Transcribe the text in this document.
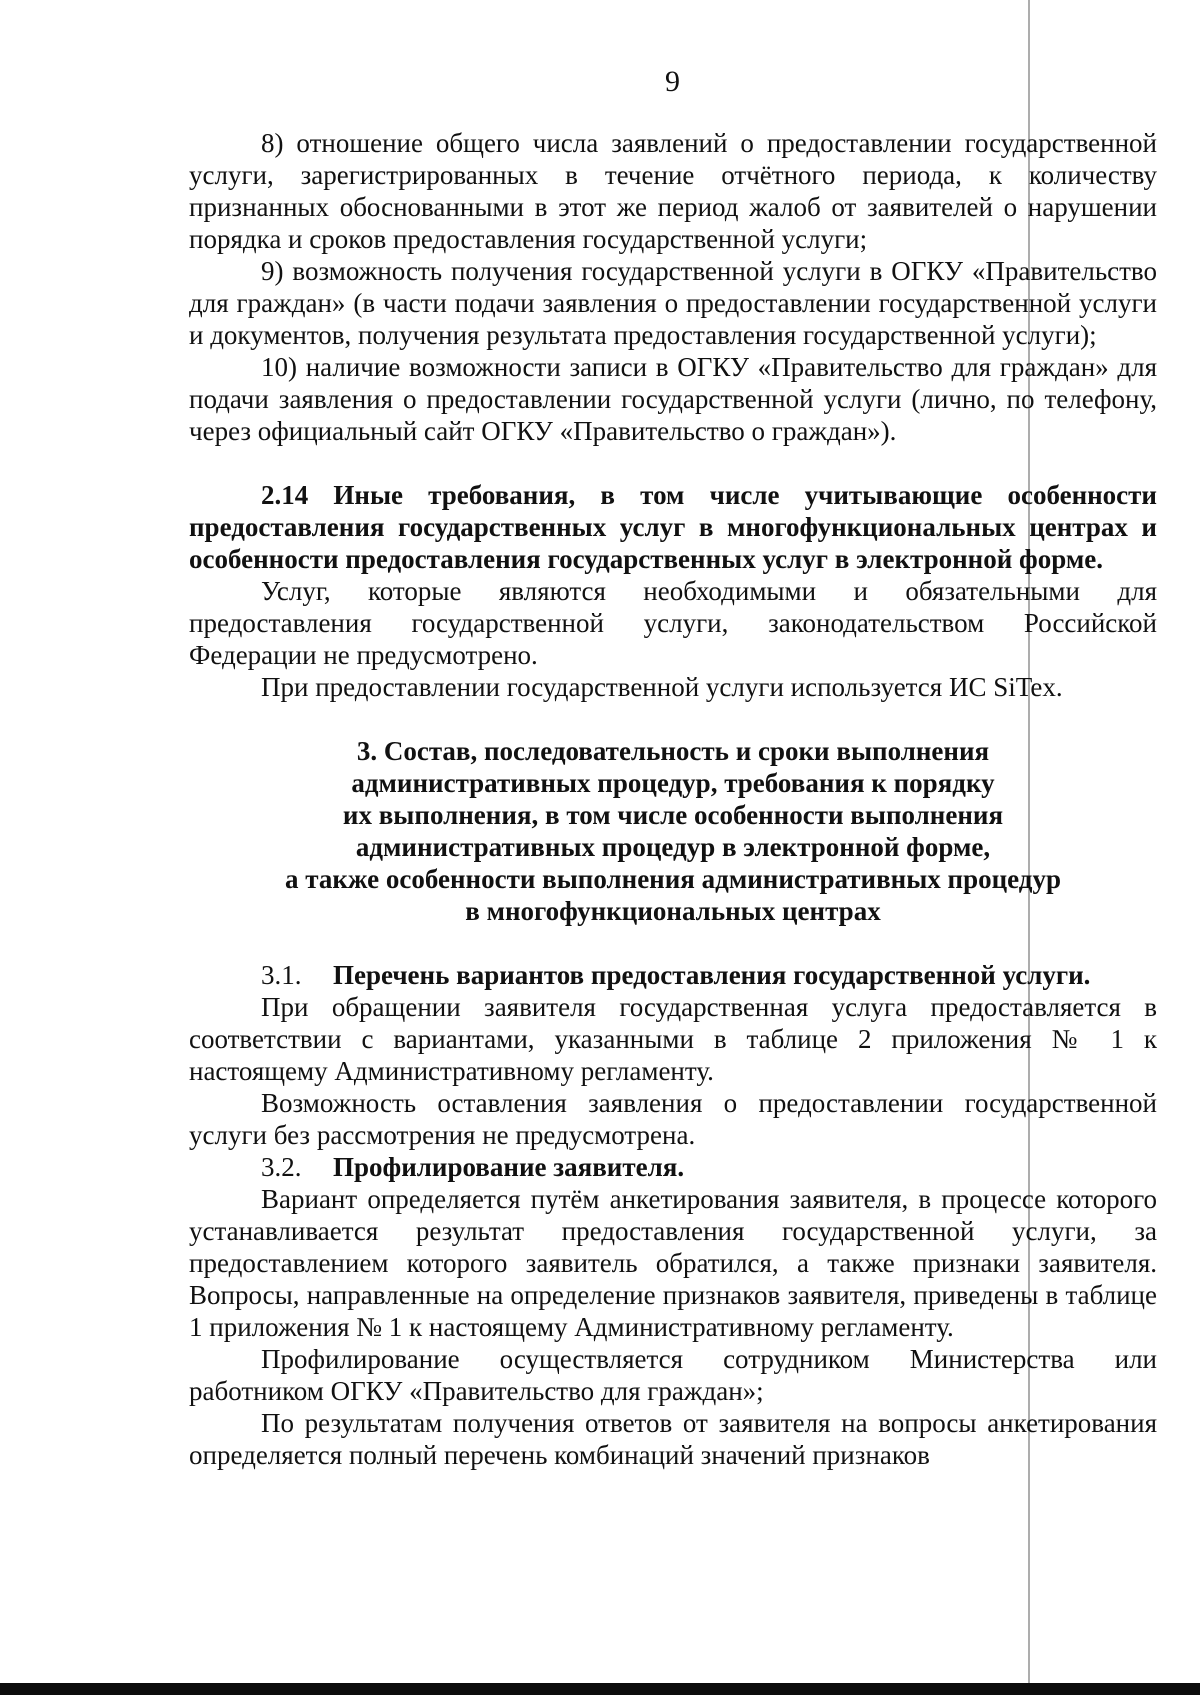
9

8) отношение общего числа заявлений о предоставлении государственной услуги, зарегистрированных в течение отчётного периода, к количеству признанных обоснованными в этот же период жалоб от заявителей о нарушении порядка и сроков предоставления государственной услуги;

9) возможность получения государственной услуги в ОГКУ «Правительство для граждан» (в части подачи заявления о предоставлении государственной услуги и документов, получения результата предоставления государственной услуги);

10) наличие возможности записи в ОГКУ «Правительство для граждан» для подачи заявления о предоставлении государственной услуги (лично, по телефону, через официальный сайт ОГКУ «Правительство о граждан»).

2.14 Иные требования, в том числе учитывающие особенности предоставления государственных услуг в многофункциональных центрах и особенности предоставления государственных услуг в электронной форме.

Услуг, которые являются необходимыми и обязательными для предоставления государственной услуги, законодательством Российской Федерации не предусмотрено.

При предоставлении государственной услуги используется ИС SiTex.

3. Состав, последовательность и сроки выполнения

административных процедур, требования к порядку

их выполнения, в том числе особенности выполнения

административных процедур в электронной форме,

а также особенности выполнения административных процедур

в многофункциональных центрах

3.1. Перечень вариантов предоставления государственной услуги.

При обращении заявителя государственная услуга предоставляется в соответствии с вариантами, указанными в таблице 2 приложения № 1 к настоящему Административному регламенту.

Возможность оставления заявления о предоставлении государственной услуги без рассмотрения не предусмотрена.

3.2. Профилирование заявителя.

Вариант определяется путём анкетирования заявителя, в процессе которого устанавливается результат предоставления государственной услуги, за предоставлением которого заявитель обратился, а также признаки заявителя. Вопросы, направленные на определение признаков заявителя, приведены в таблице 1 приложения № 1 к настоящему Административному регламенту.

Профилирование осуществляется сотрудником Министерства или работником ОГКУ «Правительство для граждан»;

По результатам получения ответов от заявителя на вопросы анкетирования определяется полный перечень комбинаций значений признаков
